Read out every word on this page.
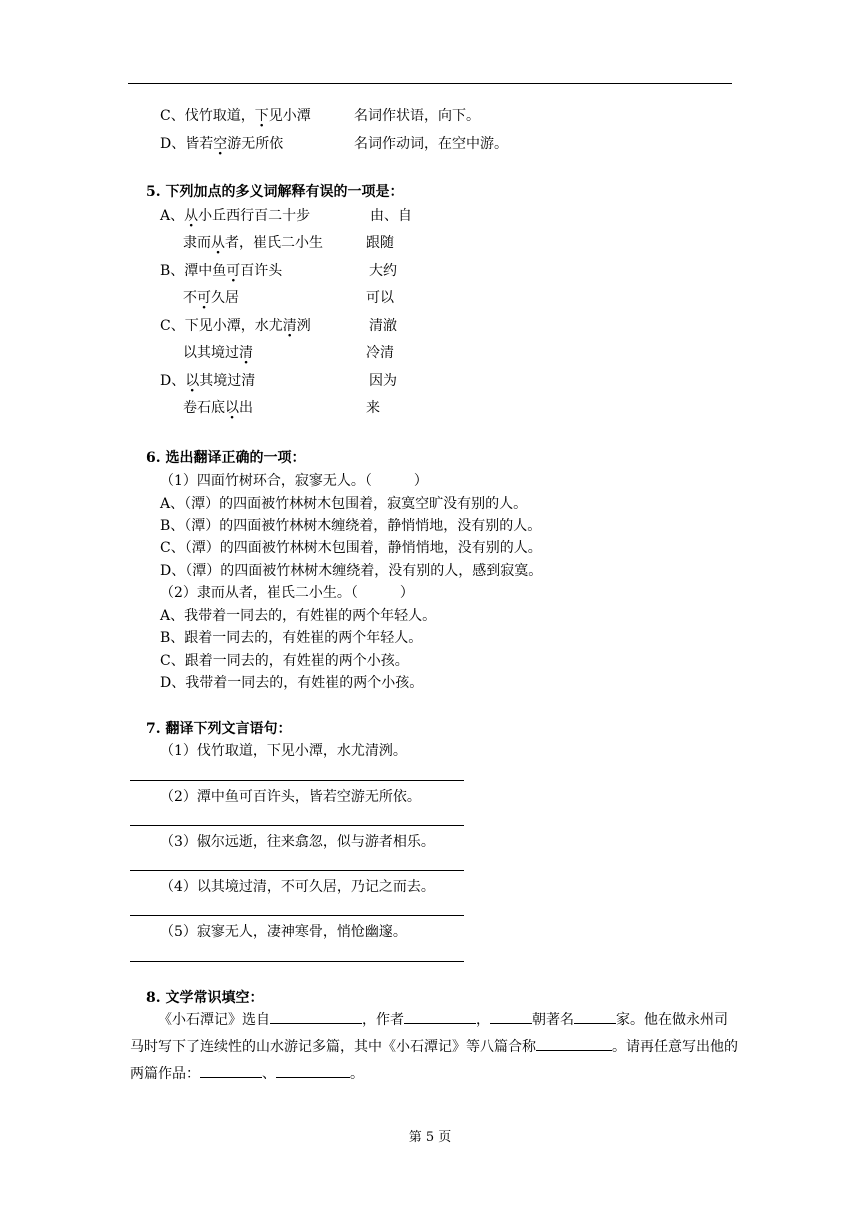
C、伐竹取道，下见小潭	名词作状语，向下。
D、皆若空游无所依	名词作动词，在空中游。
5. 下列加点的多义词解释有误的一项是：
A、从小丘西行百二十步	由、自
隶而从者，崔氏二小生	跟随
B、潭中鱼可百许头	大约
不可久居	可以
C、下见小潭，水尤清洌	清澈
以其境过清	冷清
D、以其境过清	因为
卷石底以出	来
6. 选出翻译正确的一项：
（1）四面竹树环合，寂寥无人。（　　　）
A、（潭）的四面被竹林树木包围着，寂寞空旷没有别的人。
B、（潭）的四面被竹林树木缠绕着，静悄悄地，没有别的人。
C、（潭）的四面被竹林树木包围着，静悄悄地，没有别的人。
D、（潭）的四面被竹林树木缠绕着，没有别的人，感到寂寞。
（2）隶而从者，崔氏二小生。（　　　）
A、我带着一同去的，有姓崔的两个年轻人。
B、跟着一同去的，有姓崔的两个年轻人。
C、跟着一同去的，有姓崔的两个小孩。
D、我带着一同去的，有姓崔的两个小孩。
7. 翻译下列文言语句：
（1）伐竹取道，下见小潭，水尤清洌。
（2）潭中鱼可百许头，皆若空游无所依。
（3）俶尔远逝，往来翕忽，似与游者相乐。
（4）以其境过清，不可久居，乃记之而去。
（5）寂寥无人，凄神寒骨，悄怆幽邃。
8. 文学常识填空：
《小石潭记》选自	，作者	，	朝著名	家。他在做永州司马时写下了连续性的山水游记多篇，其中《小石潭记》等八篇合称	。请再任意写出他的两篇作品：	、	。
第 5 页
